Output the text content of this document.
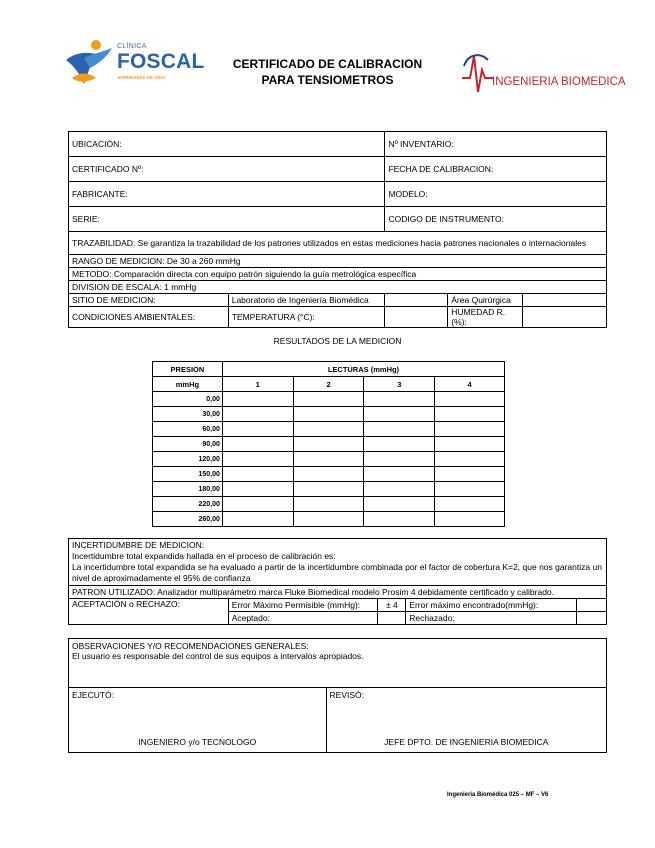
CLÍNICA
FOSCAL
ESPERANZA DE VIDA
CERTIFICADO DE CALIBRACION
PARA TENSIOMETROS	INGENIERIA BIOMEDICA
UBICACIÓN:		Nº INVENTARIO:		
CERTIFICADO Nº:		FECHA DE CALIBRACION:		
FABRICANTE:		MODELO:		
SERIE:		CODIGO DE INSTRUMENTO:		
TRAZABILIDAD: Se garantiza la trazabilidad de los patrones utilizados en estas mediciones hacia patrones nacionales o internacionales				
RANGO DE MEDICION: De 30 a 260 mmHg				
METODO: Comparación directa con equipo patrón siguiendo la guía metrológica específica				
DIVISION DE ESCALA: 1 mmHg				
SITIO DE MEDICION:	Laboratorio de Ingeniería Biomédica		Área Quirúrgica	
CONDICIONES AMBIENTALES:	TEMPERATURA (°C):		HUMEDAD R. (%):	
RESULTADOS DE LA MEDICION
PRESION	LECTURAS (mmHg)			
mmHg	1	2	3	4
0,00				
30,00				
60,00				
90,00				
120,00				
150,00				
180,00				
220,00				
260,00				
INCERTIDUMBRE DE MEDICION:
Incertidumbre total expandida hallada en el proceso de calibración es:
La incertidumbre total expandida se ha evaluado a partir de la incertidumbre combinada por el factor de cobertura K=2, que nos garantiza un nivel de aproximadamente el 95% de confianza				

PATRON UTILIZADO: Analizador multiparámetro marca Fluke Biomedical modelo Prosim 4 debidamente certificado y calibrado.				
ACEPTACIÓN o RECHAZO:	Error Máximo Permisible (mmHg):	± 4	Error máximo encontrado(mmHg):	
	Aceptado:		Rechazado:	
OBSERVACIONES Y/O RECOMENDACIONES GENERALES:
El usuario es responsable del control de sus equipos a intervalos apropiados.

EJECUTÓ:
INGENIERO y/o TECNOLOGO

REVISÓ:
JEFE DPTO. DE INGENIERIA BIOMEDICA
Ingeniería Biomédica 025 – MF – V6
